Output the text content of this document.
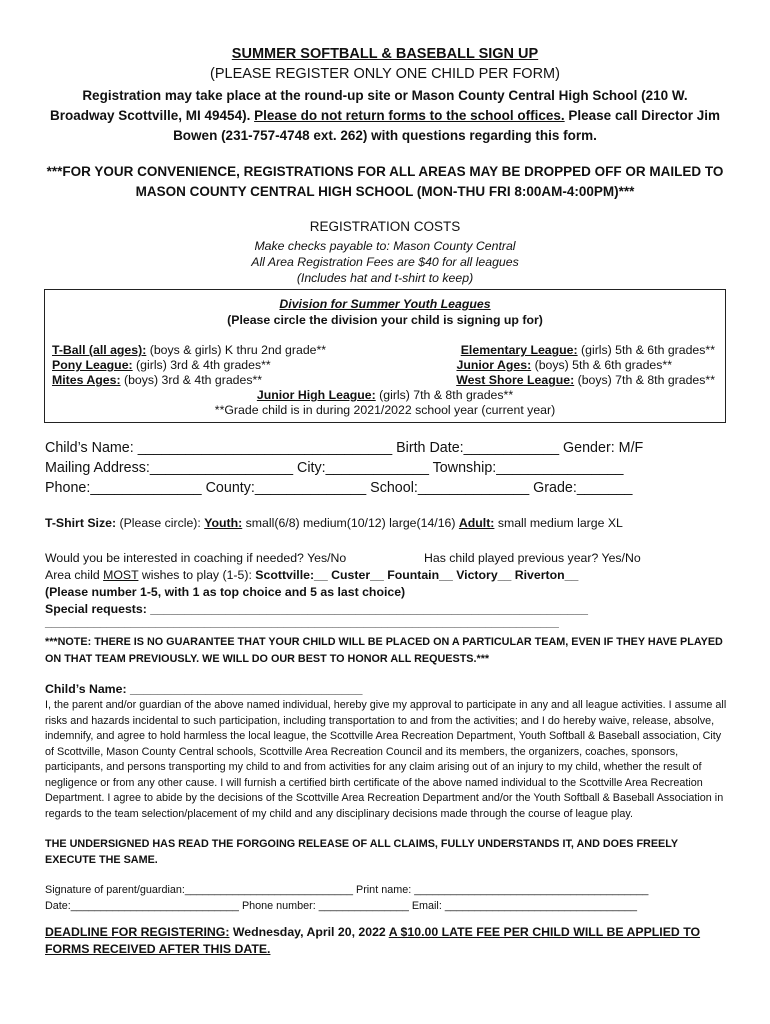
SUMMER SOFTBALL & BASEBALL SIGN UP
(PLEASE REGISTER ONLY ONE CHILD PER FORM)
Registration may take place at the round-up site or Mason County Central High School (210 W. Broadway Scottville, MI 49454). Please do not return forms to the school offices. Please call Director Jim Bowen (231-757-4748 ext. 262) with questions regarding this form.
***FOR YOUR CONVENIENCE, REGISTRATIONS FOR ALL AREAS MAY BE DROPPED OFF OR MAILED TO MASON COUNTY CENTRAL HIGH SCHOOL (MON-THU FRI 8:00AM-4:00PM)***
REGISTRATION COSTS
Make checks payable to: Mason County Central
All Area Registration Fees are $40 for all leagues
(Includes hat and t-shirt to keep)
Division for Summer Youth Leagues
(Please circle the division your child is signing up for)
T-Ball (all ages): (boys & girls) K thru 2nd grade**
Pony League: (girls) 3rd & 4th grades**
Mites Ages: (boys) 3rd & 4th grades**
Elementary League: (girls) 5th & 6th grades**
Junior Ages: (boys) 5th & 6th grades**
West Shore League: (boys) 7th & 8th grades**
Junior High League: (girls) 7th & 8th grades**
**Grade child is in during 2021/2022 school year (current year)
Child’s Name: ________________________________ Birth Date:____________ Gender: M/F
Mailing Address:__________________ City:_____________ Township:________________
Phone:______________ County:______________ School:______________ Grade:_______
T-Shirt Size: (Please circle): Youth: small(6/8) medium(10/12) large(14/16) Adult: small medium large XL
Would you be interested in coaching if needed? Yes/No	Has child played previous year? Yes/No
Area child MOST wishes to play (1-5): Scottville:__ Custer__ Fountain__ Victory__ Riverton__
(Please number 1-5, with 1 as top choice and 5 as last choice)
Special requests: ________________________________________________________________
____________________________________________________________________________________
***NOTE: THERE IS NO GUARANTEE THAT YOUR CHILD WILL BE PLACED ON A PARTICULAR TEAM, EVEN IF THEY HAVE PLAYED ON THAT TEAM PREVIOUSLY. WE WILL DO OUR BEST TO HONOR ALL REQUESTS.***
Child’s Name: __________________________________
I, the parent and/or guardian of the above named individual, hereby give my approval to participate in any and all league activities. I assume all risks and hazards incidental to such participation, including transportation to and from the activities; and I do hereby waive, release, absolve, indemnify, and agree to hold harmless the local league, the Scottville Area Recreation Department, Youth Softball & Baseball association, City of Scottville, Mason County Central schools, Scottville Area Recreation Council and its members, the organizers, coaches, sponsors, participants, and persons transporting my child to and from activities for any claim arising out of an injury to my child, whether the result of negligence or from any other cause. I will furnish a certified birth certificate of the above named individual to the Scottville Area Recreation Department. I agree to abide by the decisions of the Scottville Area Recreation Department and/or the Youth Softball & Baseball Association in regards to the team selection/placement of my child and any disciplinary decisions made through the course of league play.
THE UNDERSIGNED HAS READ THE FORGOING RELEASE OF ALL CLAIMS, FULLY UNDERSTANDS IT, AND DOES FREELY EXECUTE THE SAME.
Signature of parent/guardian:____________________________ Print name: _______________________________________
Date:____________________________ Phone number: _______________ Email: ________________________________
DEADLINE FOR REGISTERING: Wednesday, April 20, 2022 A $10.00 LATE FEE PER CHILD WILL BE APPLIED TO FORMS RECEIVED AFTER THIS DATE.
